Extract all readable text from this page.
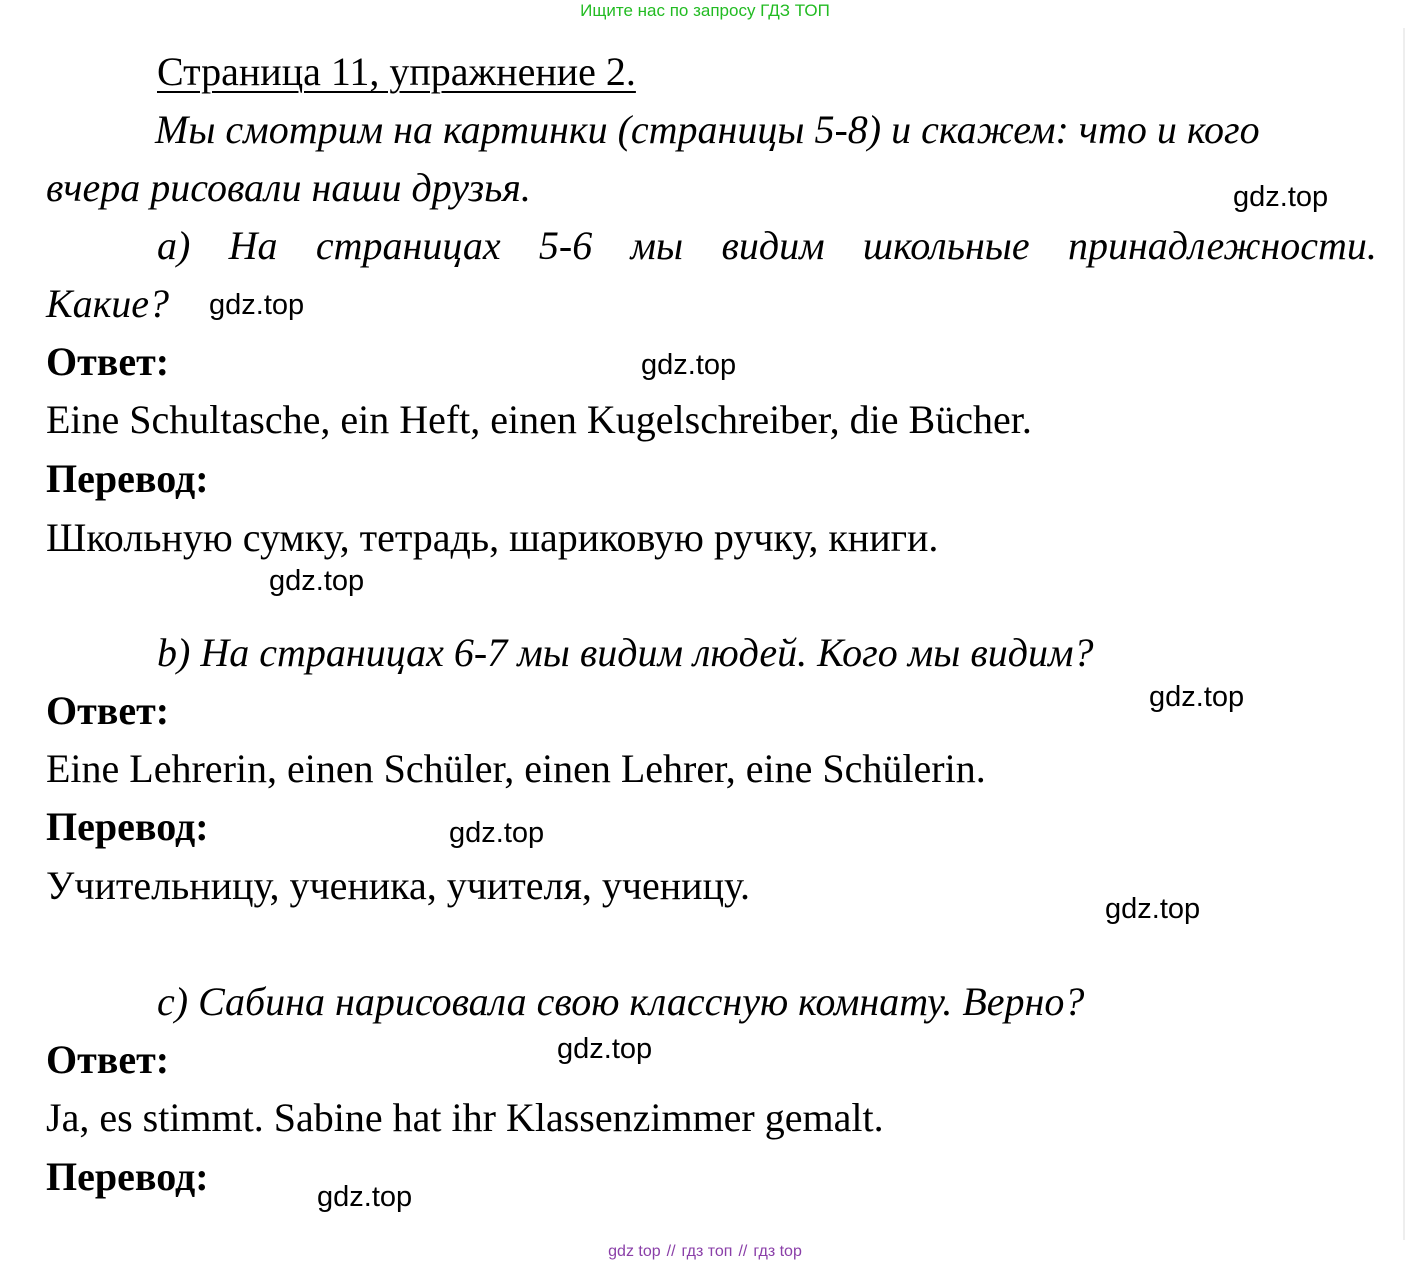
Ищите нас по запросу ГДЗ ТОП
Страница 11, упражнение 2.
Мы смотрим на картинки (страницы 5-8) и скажем: что и кого
вчера рисовали наши друзья.
а) На страницах 5-6 мы видим школьные принадлежности.
Какие?
Ответ:
Eine Schultasche, ein Heft, einen Kugelschreiber, die Bücher.
Перевод:
Школьную сумку, тетрадь, шариковую ручку, книги.
b) На страницах 6-7 мы видим людей. Кого мы видим?
Ответ:
Eine Lehrerin, einen Schüler, einen Lehrer, eine Schülerin.
Перевод:
Учительницу, ученика, учителя, ученицу.
с) Сабина нарисовала свою классную комнату. Верно?
Ответ:
Ja, es stimmt. Sabine hat ihr Klassenzimmer gemalt.
Перевод:
gdz.top
gdz.top
gdz.top
gdz.top
gdz.top
gdz.top
gdz.top
gdz.top
gdz.top
gdz top // гдз топ // гдз top
